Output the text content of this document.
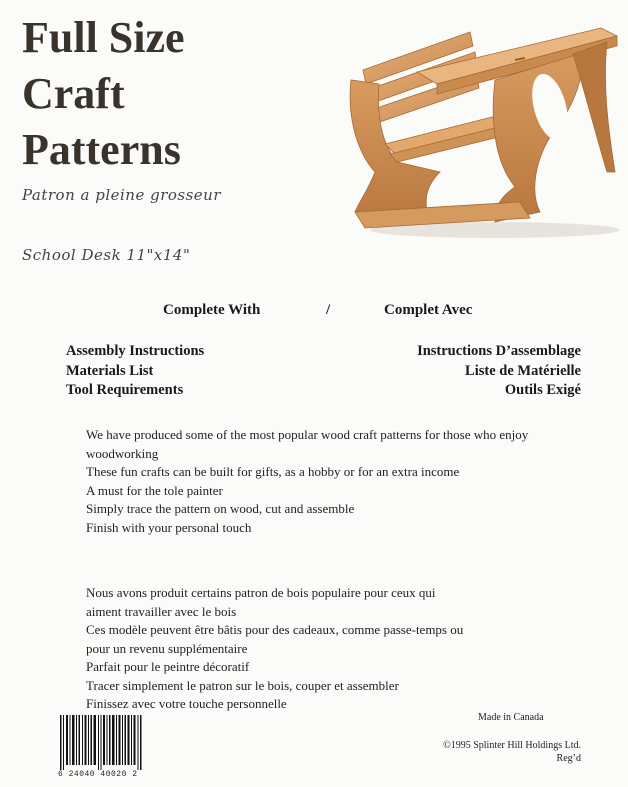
Full Size
Craft
Patterns
Patron a pleine grosseur
School Desk 11"x14"
Complete With	/	Complet Avec
Assembly Instructions
Materials List
Tool Requirements
Instructions D’assemblage
Liste de Matérielle
Outils Exigé
We have produced some of the most popular wood craft patterns for those who enjoy
woodworking
These fun crafts can be built for gifts, as a hobby or for an extra income
A must for the tole painter
Simply trace the pattern on wood, cut and assemble
Finish with your personal touch
Nous avons produit certains patron de bois populaire pour ceux qui
aiment travailler avec le bois
Ces modèle peuvent être bâtis pour des cadeaux, comme passe-temps ou
pour un revenu supplémentaire
Parfait pour le peintre décoratif
Tracer simplement le patron sur le bois, couper et assembler
Finissez avec votre touche personnelle
6 24040 40020 2
Made in Canada
©1995 Splinter Hill Holdings Ltd.
Reg’d
